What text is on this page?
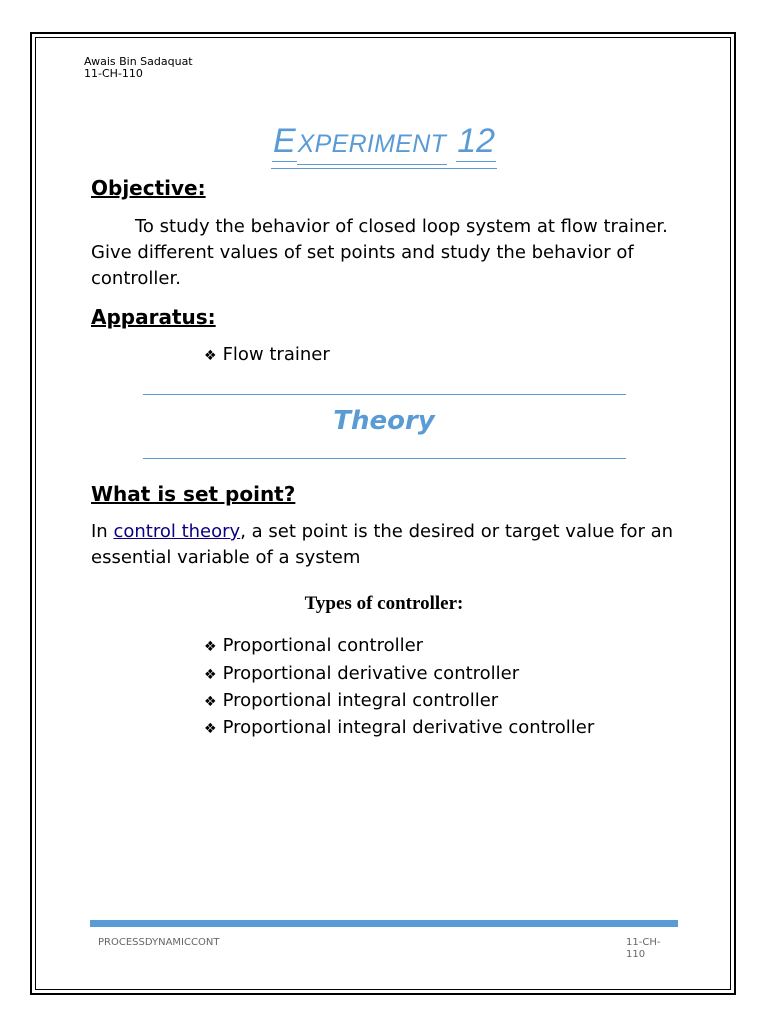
Awais Bin Sadaquat
11-CH-110
EXPERIMENT 12
Objective:
To study the behavior of closed loop system at flow trainer. Give different values of set points and study the behavior of controller.
Apparatus:
❖ Flow trainer
Theory
What is set point?
In control theory, a set point is the desired or target value for an essential variable of a system
Types of controller:
❖ Proportional controller
❖ Proportional derivative controller
❖ Proportional integral controller
❖ Proportional integral derivative controller
PROCESSDYNAMICCONT	11-CH-110
